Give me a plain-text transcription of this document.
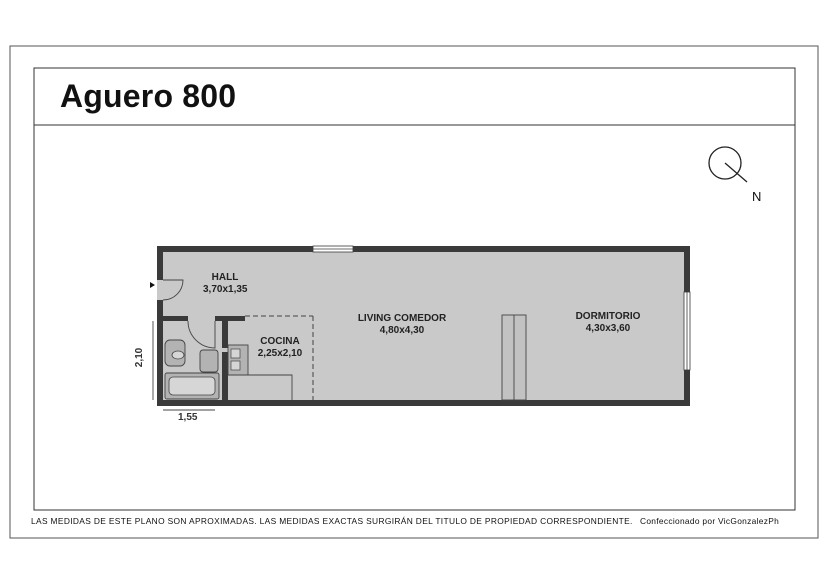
Aguero 800
N
HALL
3,70x1,35
COCINA
2,25x2,10
LIVING COMEDOR
4,80x4,30
DORMITORIO
4,30x3,60
2,10
1,55
LAS MEDIDAS DE ESTE PLANO SON APROXIMADAS. LAS MEDIDAS EXACTAS SURGIRÁN DEL TITULO DE PROPIEDAD CORRESPONDIENTE. Confeccionado por VicGonzalezPh
